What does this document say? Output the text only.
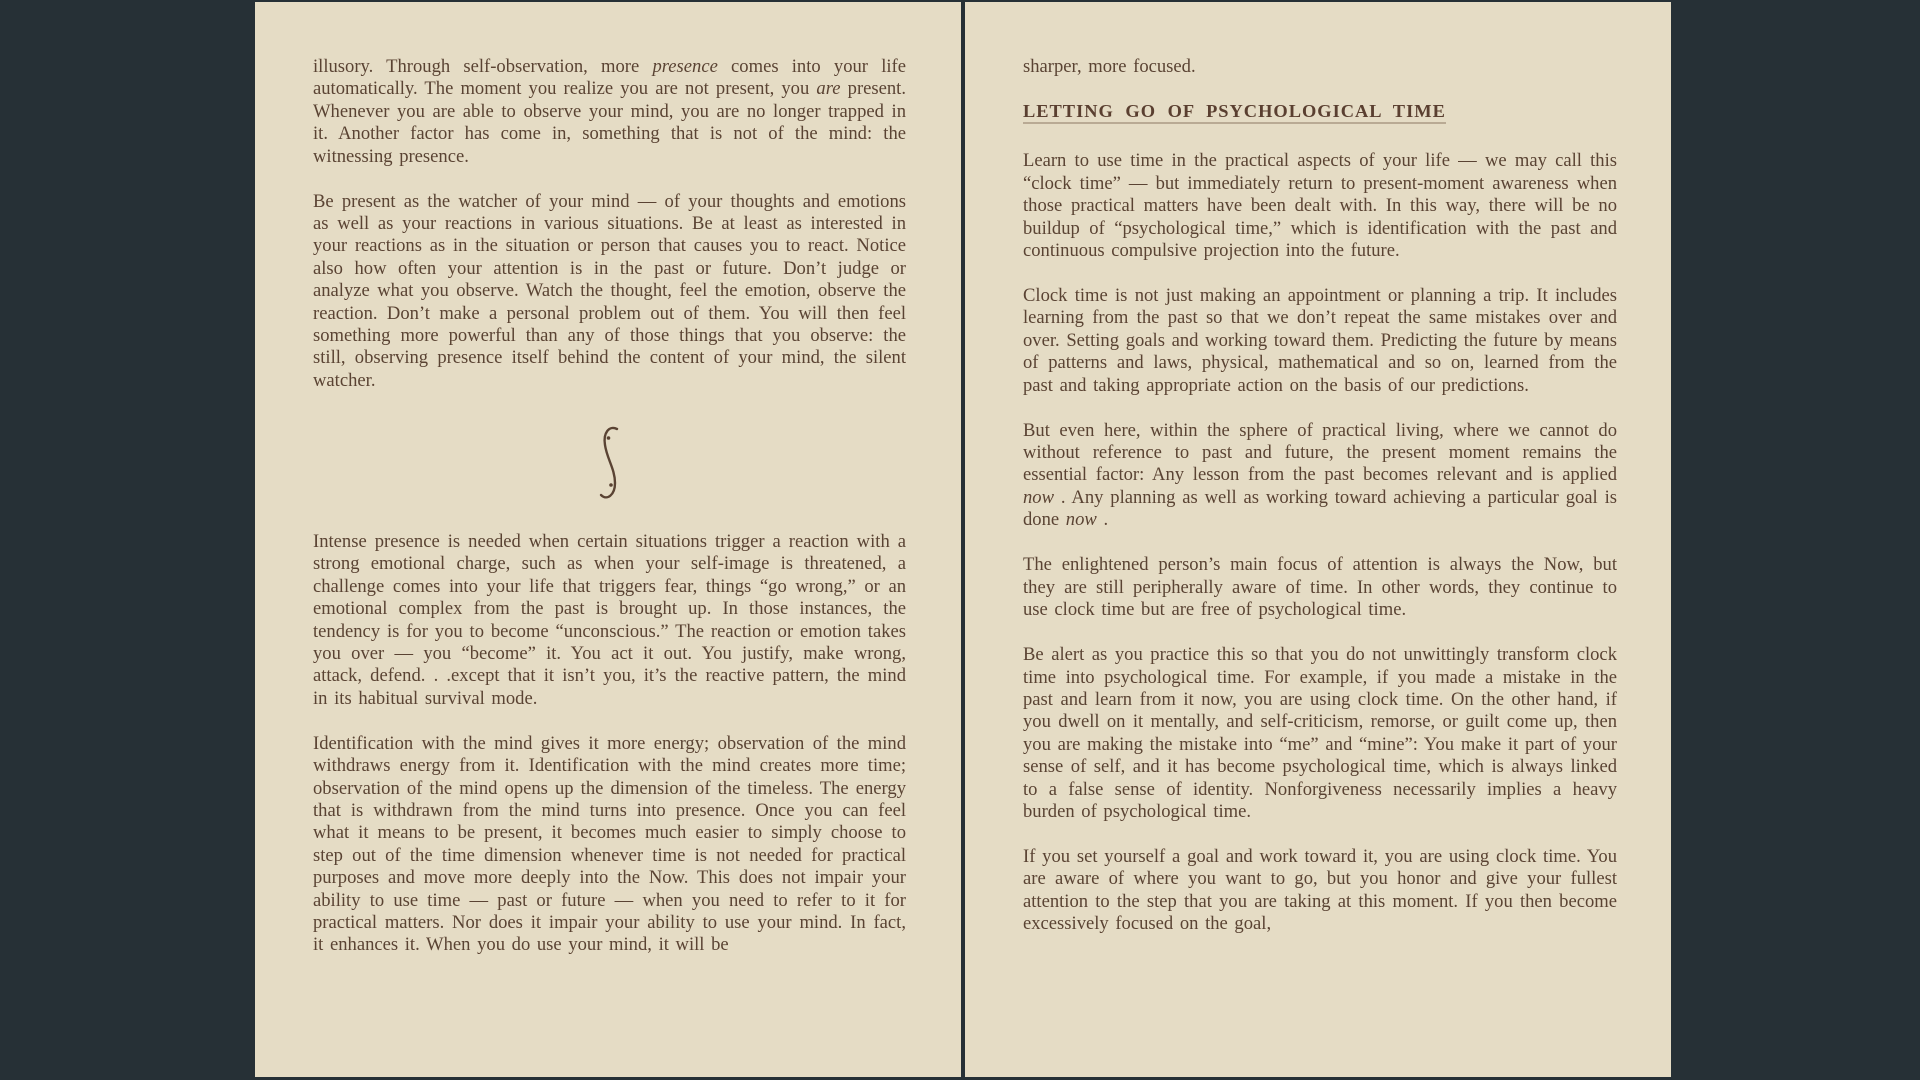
illusory. Through self-observation, more presence comes into your life automatically. The moment you realize you are not present, you are present. Whenever you are able to observe your mind, you are no longer trapped in it. Another factor has come in, something that is not of the mind: the witnessing presence.

Be present as the watcher of your mind — of your thoughts and emotions as well as your reactions in various situations. Be at least as interested in your reactions as in the situation or person that causes you to react. Notice also how often your attention is in the past or future. Don’t judge or analyze what you observe. Watch the thought, feel the emotion, observe the reaction. Don’t make a personal problem out of them. You will then feel something more powerful than any of those things that you observe: the still, observing presence itself behind the content of your mind, the silent watcher.

Intense presence is needed when certain situations trigger a reaction with a strong emotional charge, such as when your self-image is threatened, a challenge comes into your life that triggers fear, things “go wrong,” or an emotional complex from the past is brought up. In those instances, the tendency is for you to become “unconscious.” The reaction or emotion takes you over — you “become” it. You act it out. You justify, make wrong, attack, defend. . .except that it isn’t you, it’s the reactive pattern, the mind in its habitual survival mode.

Identification with the mind gives it more energy; observation of the mind withdraws energy from it. Identification with the mind creates more time; observation of the mind opens up the dimension of the timeless. The energy that is withdrawn from the mind turns into presence. Once you can feel what it means to be present, it becomes much easier to simply choose to step out of the time dimension whenever time is not needed for practical purposes and move more deeply into the Now. This does not impair your ability to use time — past or future — when you need to refer to it for practical matters. Nor does it impair your ability to use your mind. In fact, it enhances it. When you do use your mind, it will be

sharper, more focused.

LETTING GO OF PSYCHOLOGICAL TIME

Learn to use time in the practical aspects of your life — we may call this “clock time” — but immediately return to present-moment awareness when those practical matters have been dealt with. In this way, there will be no buildup of “psychological time,” which is identification with the past and continuous compulsive projection into the future.

Clock time is not just making an appointment or planning a trip. It includes learning from the past so that we don’t repeat the same mistakes over and over. Setting goals and working toward them. Predicting the future by means of patterns and laws, physical, mathematical and so on, learned from the past and taking appropriate action on the basis of our predictions.

But even here, within the sphere of practical living, where we cannot do without reference to past and future, the present moment remains the essential factor: Any lesson from the past becomes relevant and is applied now . Any planning as well as working toward achieving a particular goal is done now .

The enlightened person’s main focus of attention is always the Now, but they are still peripherally aware of time. In other words, they continue to use clock time but are free of psychological time.

Be alert as you practice this so that you do not unwittingly transform clock time into psychological time. For example, if you made a mistake in the past and learn from it now, you are using clock time. On the other hand, if you dwell on it mentally, and self-criticism, remorse, or guilt come up, then you are making the mistake into “me” and “mine”: You make it part of your sense of self, and it has become psychological time, which is always linked to a false sense of identity. Nonforgiveness necessarily implies a heavy burden of psychological time.

If you set yourself a goal and work toward it, you are using clock time. You are aware of where you want to go, but you honor and give your fullest attention to the step that you are taking at this moment. If you then become excessively focused on the goal,
